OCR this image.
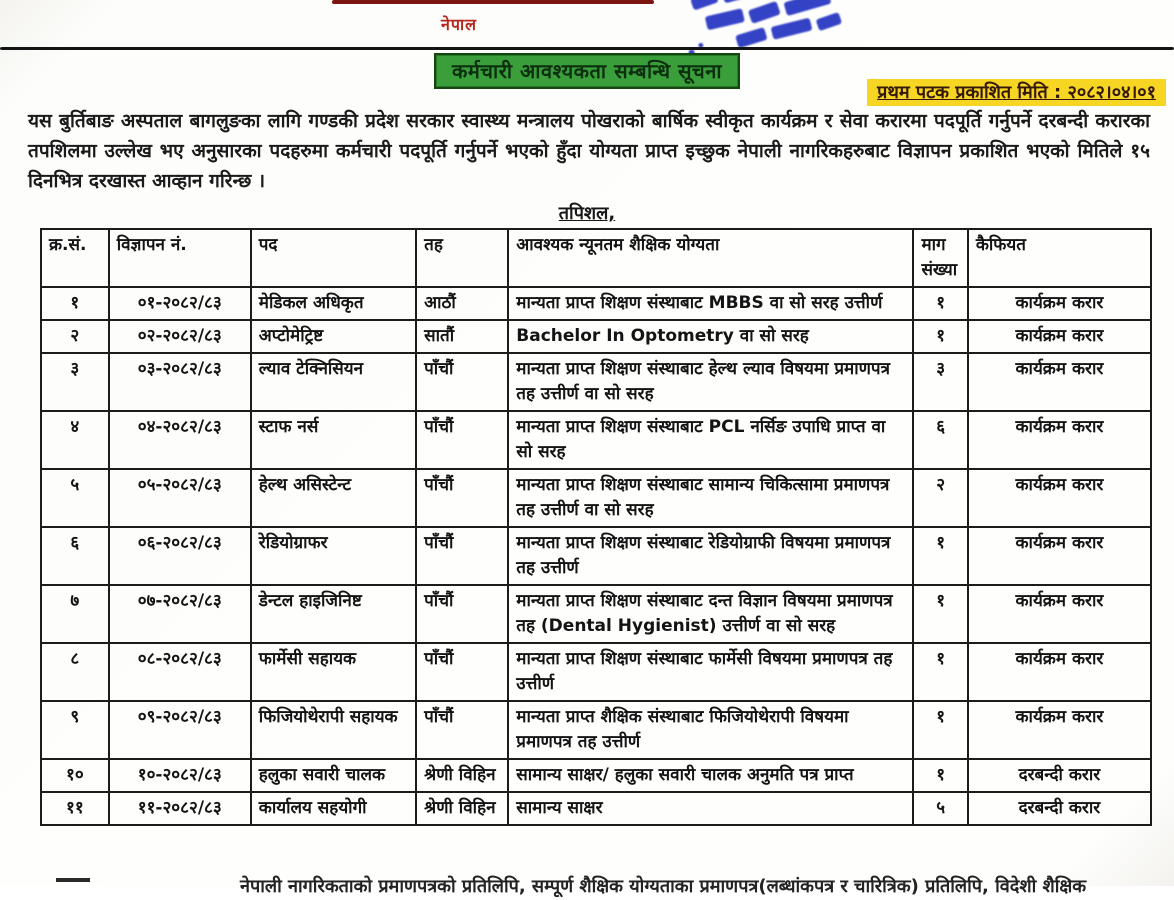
नेपाल
कर्मचारी आवश्यकता सम्बन्धि सूचना
प्रथम पटक प्रकाशित मिति : २०८२।०४।०१
यस बुर्तिबाङ अस्पताल बागलुङका लागि गण्डकी प्रदेश सरकार स्वास्थ्य मन्त्रालय पोखराको बार्षिक स्वीकृत कार्यक्रम र सेवा करारमा पदपूर्ति गर्नुपर्ने दरबन्दी करारका तपशिलमा उल्लेख भए अनुसारका पदहरुमा कर्मचारी पदपूर्ति गर्नुपर्ने भएको हुँदा योग्यता प्राप्त इच्छुक नेपाली नागरिकहरुबाट विज्ञापन प्रकाशित भएको मितिले १५ दिनभित्र दरखास्त आव्हान गरिन्छ ।
तपिशल,
क्र.सं.	विज्ञापन नं.	पद	तह	आवश्यक न्यूनतम शैक्षिक योग्यता	माग संख्या	कैफियत
१	०१-२०८२/८३	मेडिकल अधिकृत	आठौं	मान्यता प्राप्त शिक्षण संस्थाबाट MBBS वा सो सरह उत्तीर्ण	१	कार्यक्रम करार
२	०२-२०८२/८३	अप्टोमेट्रिष्ट	सातौं	Bachelor In Optometry वा सो सरह	१	कार्यक्रम करार
३	०३-२०८२/८३	ल्याव टेक्निसियन	पाँचौं	मान्यता प्राप्त शिक्षण संस्थाबाट हेल्थ ल्याव विषयमा प्रमाणपत्र तह उत्तीर्ण वा सो सरह	३	कार्यक्रम करार
४	०४-२०८२/८३	स्टाफ नर्स	पाँचौं	मान्यता प्राप्त शिक्षण संस्थाबाट PCL नर्सिङ उपाधि प्राप्त वा सो सरह	६	कार्यक्रम करार
५	०५-२०८२/८३	हेल्थ असिस्टेन्ट	पाँचौं	मान्यता प्राप्त शिक्षण संस्थाबाट सामान्य चिकित्सामा प्रमाणपत्र तह उत्तीर्ण वा सो सरह	२	कार्यक्रम करार
६	०६-२०८२/८३	रेडियोग्राफर	पाँचौं	मान्यता प्राप्त शिक्षण संस्थाबाट रेडियोग्राफी विषयमा प्रमाणपत्र तह उत्तीर्ण	१	कार्यक्रम करार
७	०७-२०८२/८३	डेन्टल हाइजिनिष्ट	पाँचौं	मान्यता प्राप्त शिक्षण संस्थाबाट दन्त विज्ञान विषयमा प्रमाणपत्र तह (Dental Hygienist) उत्तीर्ण वा सो सरह	१	कार्यक्रम करार
८	०८-२०८२/८३	फार्मेसी सहायक	पाँचौं	मान्यता प्राप्त शिक्षण संस्थाबाट फार्मेसी विषयमा प्रमाणपत्र तह उत्तीर्ण	१	कार्यक्रम करार
९	०९-२०८२/८३	फिजियोथेरापी सहायक	पाँचौं	मान्यता प्राप्त शैक्षिक संस्थाबाट फिजियोथेरापी विषयमा प्रमाणपत्र तह उत्तीर्ण	१	कार्यक्रम करार
१०	१०-२०८२/८३	हलुका सवारी चालक	श्रेणी विहिन	सामान्य साक्षर/ हलुका सवारी चालक अनुमति पत्र प्राप्त	१	दरबन्दी करार
११	११-२०८२/८३	कार्यालय सहयोगी	श्रेणी विहिन	सामान्य साक्षर	५	दरबन्दी करार
नेपाली नागरिकताको प्रमाणपत्रको प्रतिलिपि, सम्पूर्ण शैक्षिक योग्यताका प्रमाणपत्र(लब्धांकपत्र र चारित्रिक) प्रतिलिपि, विदेशी शैक्षिक
